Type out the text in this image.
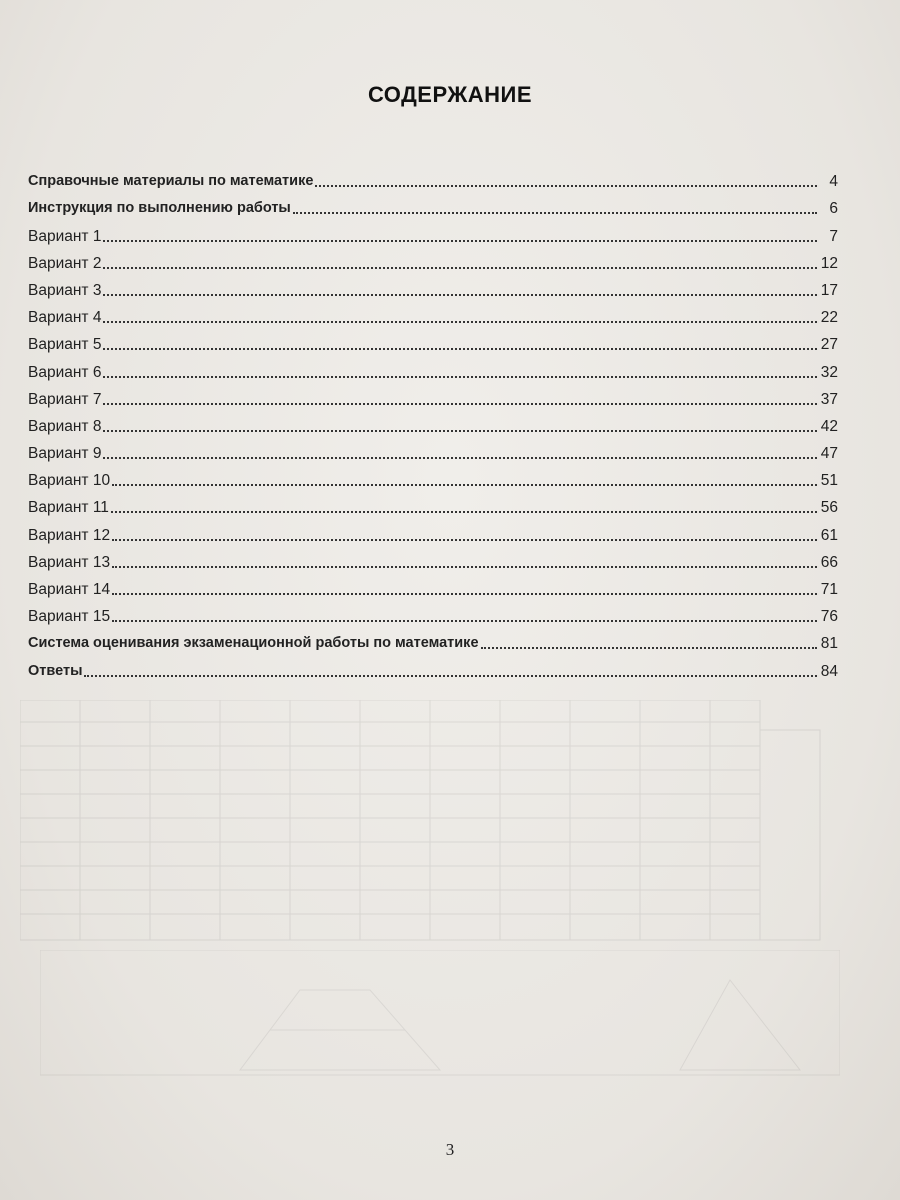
СОДЕРЖАНИЕ
Справочные материалы по математике	4
Инструкция по выполнению работы	6
Вариант 1	7
Вариант 2	12
Вариант 3	17
Вариант 4	22
Вариант 5	27
Вариант 6	32
Вариант 7	37
Вариант 8	42
Вариант 9	47
Вариант 10	51
Вариант 11	56
Вариант 12	61
Вариант 13	66
Вариант 14	71
Вариант 15	76
Система оценивания экзаменационной работы по математике	81
Ответы	84
3
